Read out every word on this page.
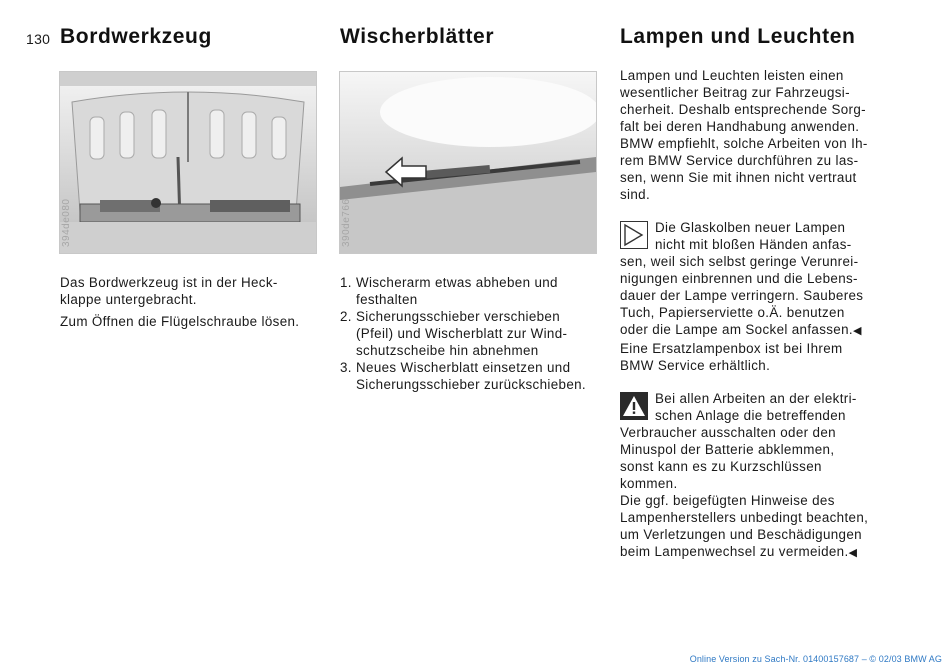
130 Bordwerkzeug	Wischerblätter	Lampen und Leuchten
394de080	390de766

Das Bordwerkzeug ist in der Heck-
klappe untergebracht.

Zum Öffnen die Flügelschraube lösen.

1. Wischerarm etwas abheben und
festhalten
2. Sicherungsschieber verschieben
(Pfeil) und Wischerblatt zur Wind-
schutzscheibe hin abnehmen
3. Neues Wischerblatt einsetzen und
Sicherungsschieber zurückschieben.

Lampen und Leuchten leisten einen
wesentlicher Beitrag zur Fahrzeugsi-
cherheit. Deshalb entsprechende Sorg-
falt bei deren Handhabung anwenden.
BMW empfiehlt, solche Arbeiten von Ih-
rem BMW Service durchführen zu las-
sen, wenn Sie mit ihnen nicht vertraut
sind.

Die Glaskolben neuer Lampen
nicht mit bloßen Händen anfas-
sen, weil sich selbst geringe Verunrei-
nigungen einbrennen und die Lebens-
dauer der Lampe verringern. Sauberes
Tuch, Papierserviette o.Ä. benutzen
oder die Lampe am Sockel anfassen.◀

Eine Ersatzlampenbox ist bei Ihrem
BMW Service erhältlich.

Bei allen Arbeiten an der elektri-
schen Anlage die betreffenden
Verbraucher ausschalten oder den
Minuspol der Batterie abklemmen,
sonst kann es zu Kurzschlüssen
kommen.
Die ggf. beigefügten Hinweise des
Lampenherstellers unbedingt beachten,
um Verletzungen und Beschädigungen
beim Lampenwechsel zu vermeiden.◀
Online Version zu Sach-Nr. 01400157687 – © 02/03 BMW AG
